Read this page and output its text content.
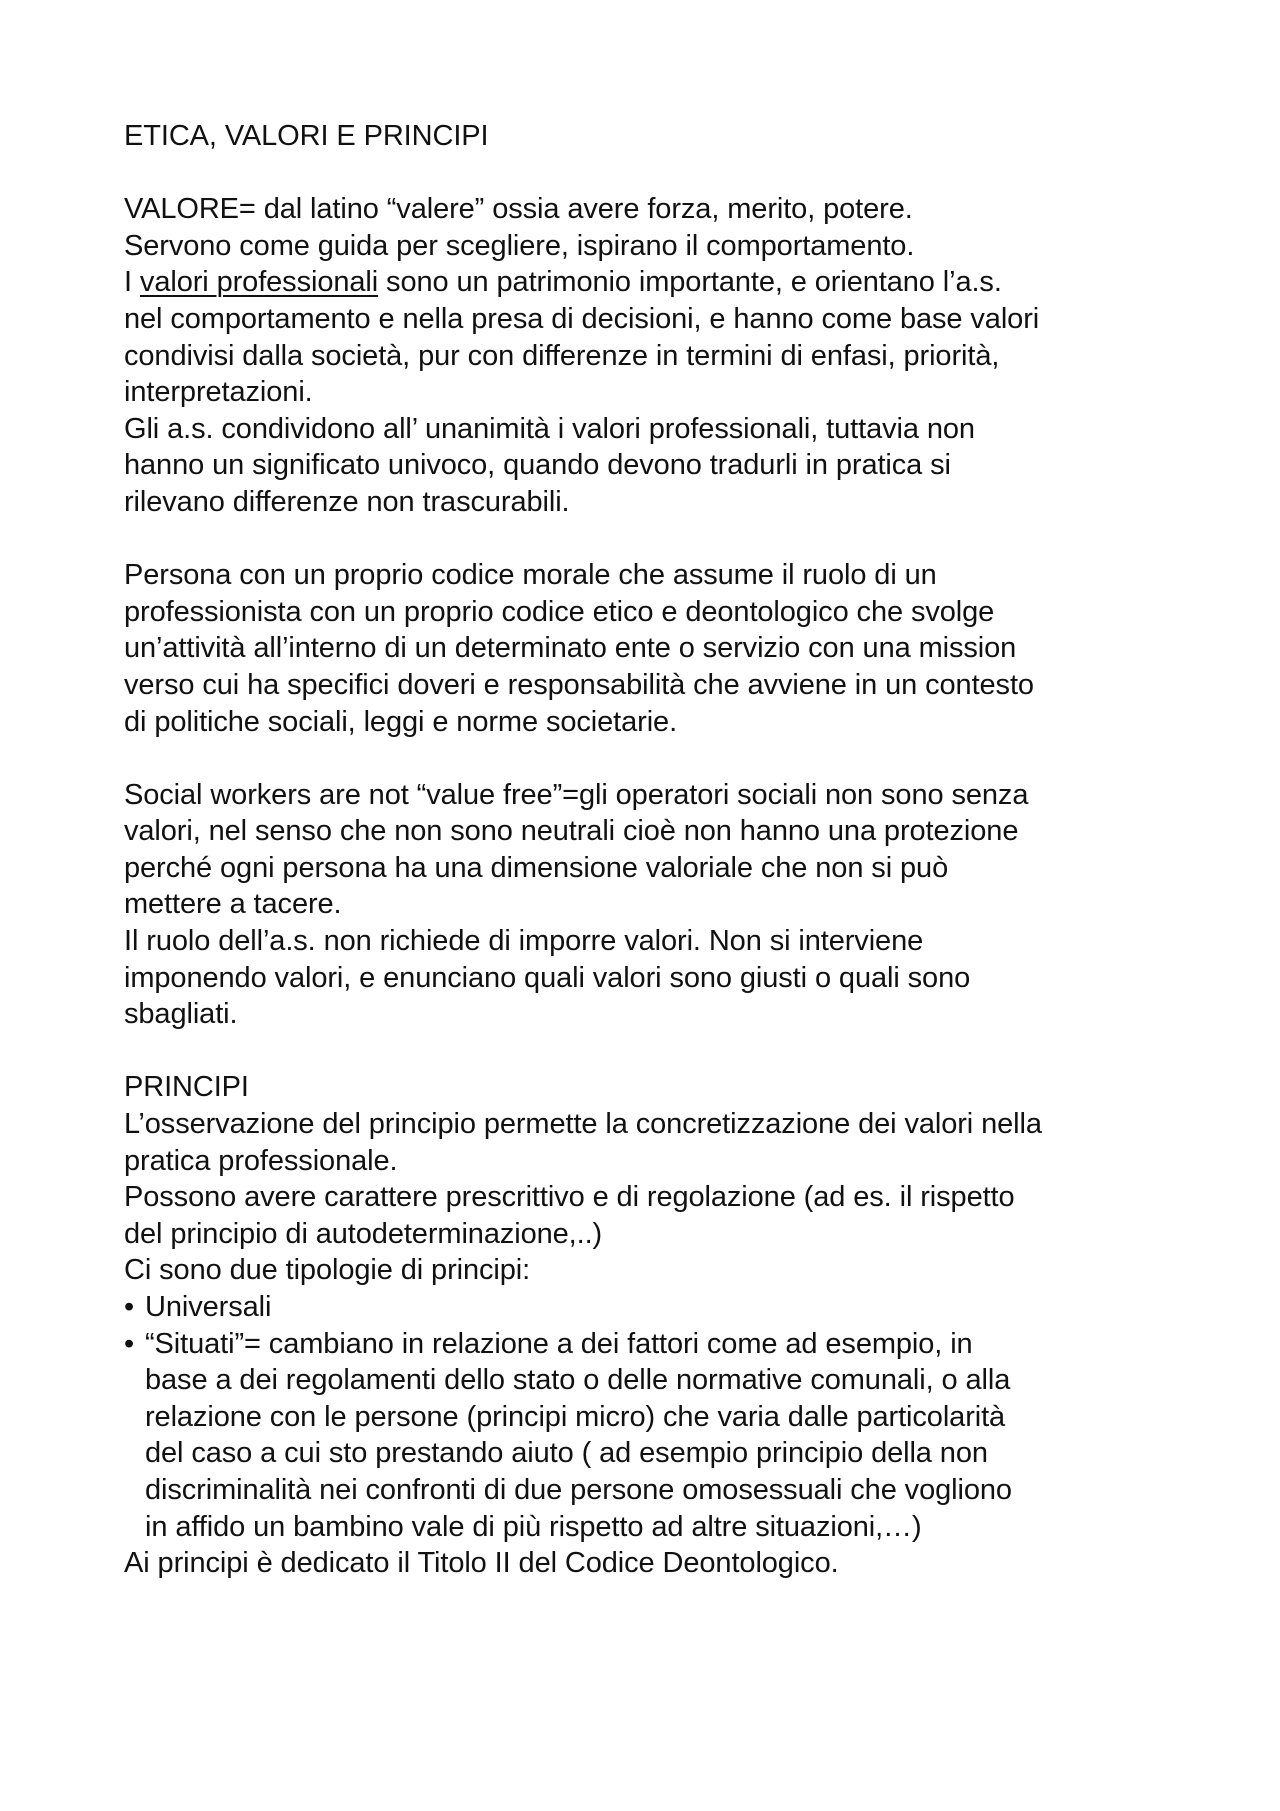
ETICA, VALORI E PRINCIPI

VALORE= dal latino “valere” ossia avere forza, merito, potere.

Servono come guida per scegliere, ispirano il comportamento.

I valori professionali sono un patrimonio importante, e orientano l’a.s.

nel comportamento e nella presa di decisioni, e hanno come base valori

condivisi dalla società, pur con differenze in termini di enfasi, priorità,

interpretazioni.

Gli a.s. condividono all’ unanimità i valori professionali, tuttavia non

hanno un significato univoco, quando devono tradurli in pratica si

rilevano differenze non trascurabili.

Persona con un proprio codice morale che assume il ruolo di un

professionista con un proprio codice etico e deontologico che svolge

un’attività all’interno di un determinato ente o servizio con una mission

verso cui ha specifici doveri e responsabilità che avviene in un contesto

di politiche sociali, leggi e norme societarie.

Social workers are not “value free”=gli operatori sociali non sono senza

valori, nel senso che non sono neutrali cioè non hanno una protezione

perché ogni persona ha una dimensione valoriale che non si può

mettere a tacere.

Il ruolo dell’a.s. non richiede di imporre valori. Non si interviene

imponendo valori, e enunciano quali valori sono giusti o quali sono

sbagliati.

PRINCIPI

L’osservazione del principio permette la concretizzazione dei valori nella

pratica professionale.

Possono avere carattere prescrittivo e di regolazione (ad es. il rispetto

del principio di autodeterminazione,..)

Ci sono due tipologie di principi:

• Universali

• “Situati”= cambiano in relazione a dei fattori come ad esempio, in

base a dei regolamenti dello stato o delle normative comunali, o alla

relazione con le persone (principi micro) che varia dalle particolarità

del caso a cui sto prestando aiuto ( ad esempio principio della non

discriminalità nei confronti di due persone omosessuali che vogliono

in affido un bambino vale di più rispetto ad altre situazioni,…)

Ai principi è dedicato il Titolo II del Codice Deontologico.
